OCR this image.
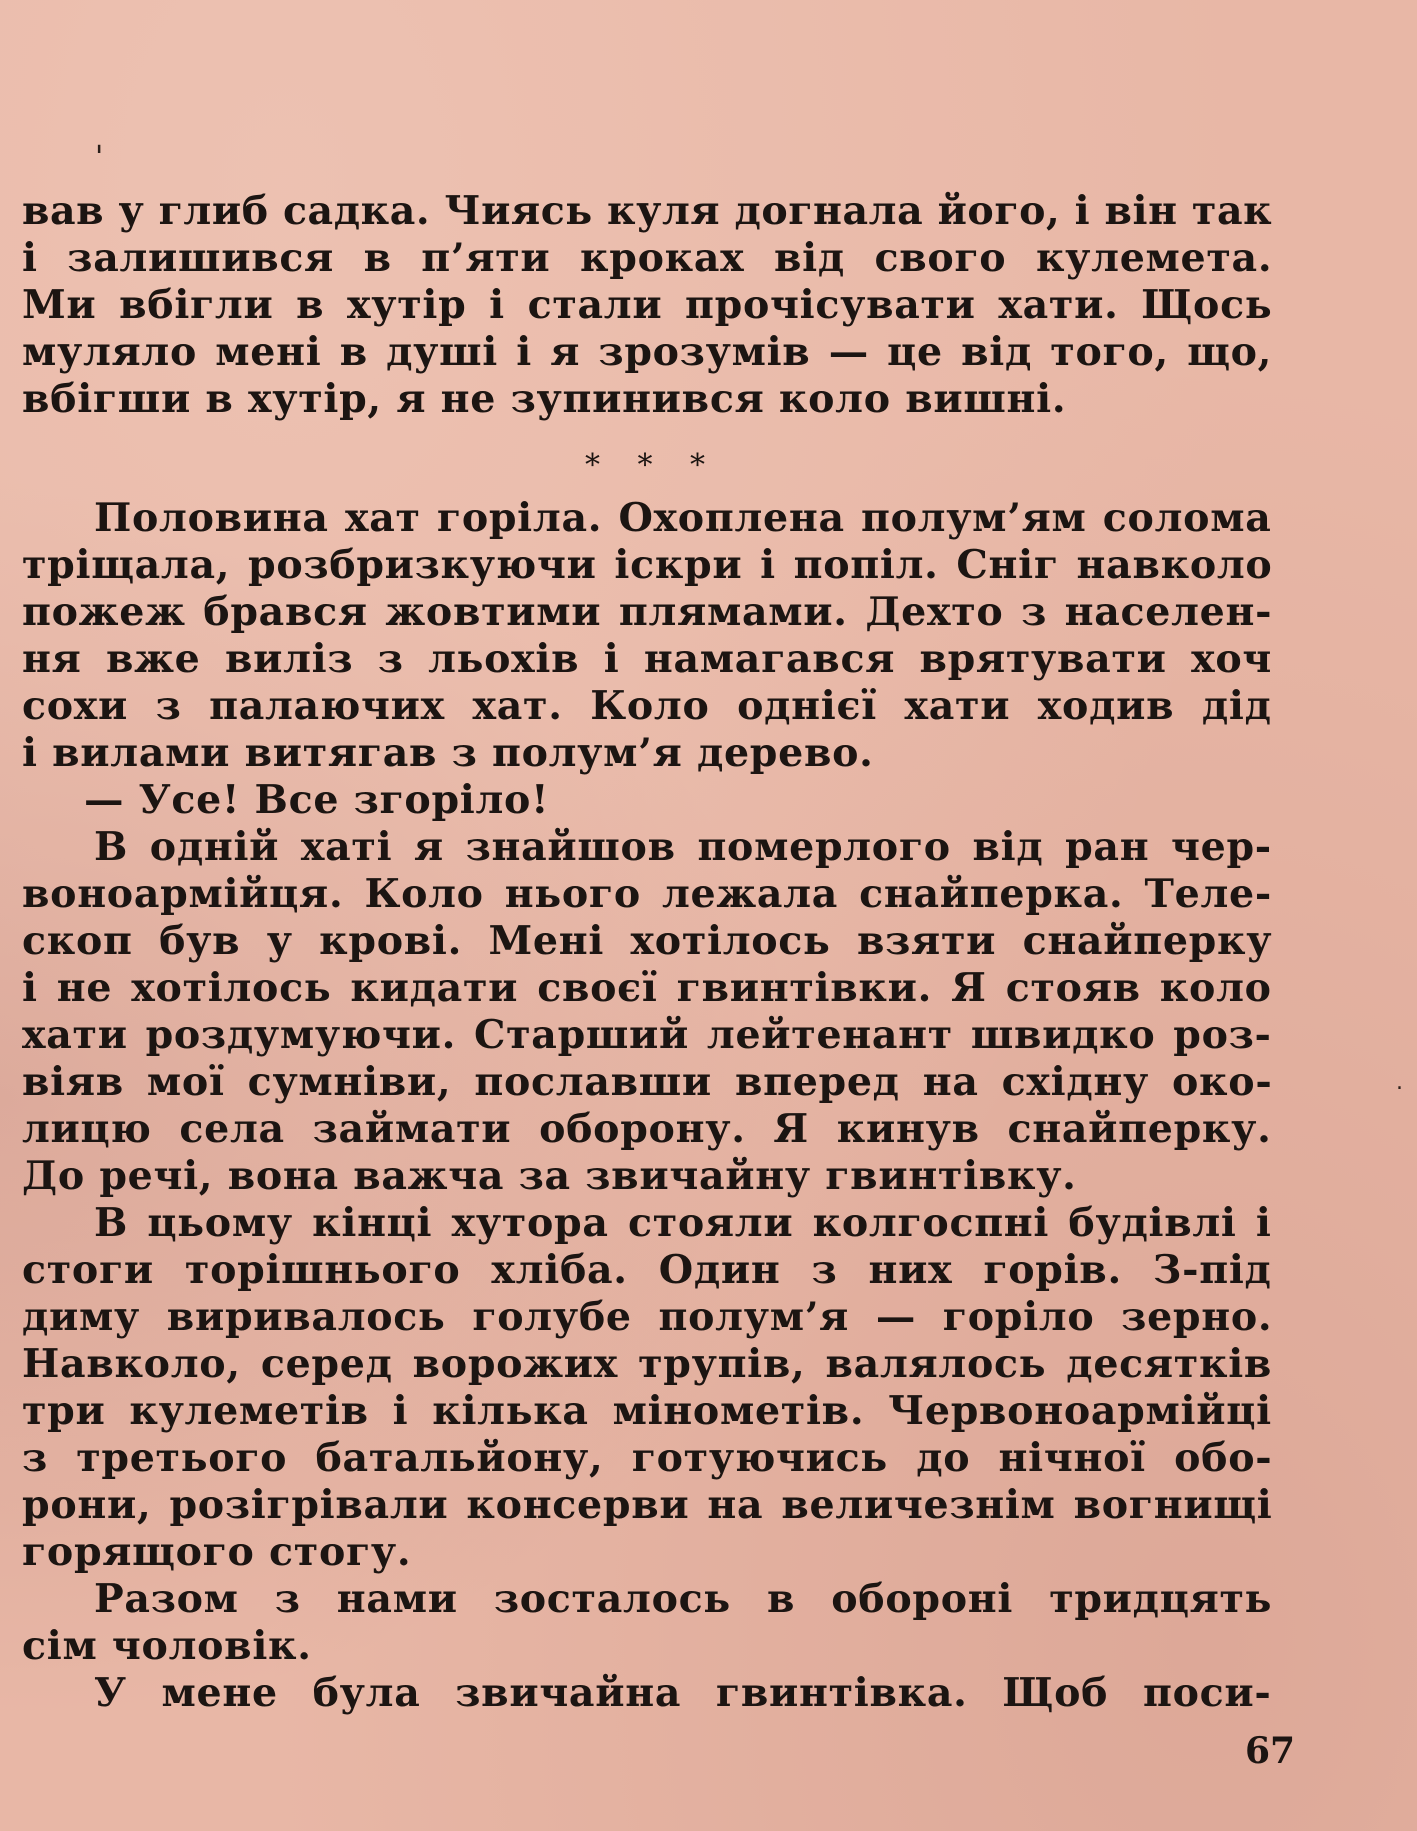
'
.
вав у глиб садка. Чиясь куля догнала його, і він так
і залишився в п’яти кроках від свого кулемета.
Ми вбігли в хутір і стали прочісувати хати. Щось
муляло мені в душі і я зрозумів — це від того, що,
вбігши в хутір, я не зупинився коло вишні.
* * *
Половина хат горіла. Охоплена полум’ям солома
тріщала, розбризкуючи іскри і попіл. Сніг навколо
пожеж брався жовтими плямами. Дехто з населен-
ня вже виліз з льохів і намагався врятувати хоч
сохи з палаючих хат. Коло однієї хати ходив дід
і вилами витягав з полум’я дерево.
— Усе! Все згоріло!
В одній хаті я знайшов померлого від ран чер-
воноармійця. Коло нього лежала снайперка. Теле-
скоп був у крові. Мені хотілось взяти снайперку
і не хотілось кидати своєї гвинтівки. Я стояв коло
хати роздумуючи. Старший лейтенант швидко роз-
віяв мої сумніви, пославши вперед на східну око-
лицю села займати оборону. Я кинув снайперку.
До речі, вона важча за звичайну гвинтівку.
В цьому кінці хутора стояли колгоспні будівлі і
стоги торішнього хліба. Один з них горів. З-під
диму виривалось голубе полум’я — горіло зерно.
Навколо, серед ворожих трупів, валялось десятків
три кулеметів і кілька мінометів. Червоноармійці
з третього батальйону, готуючись до нічної обо-
рони, розігрівали консерви на величезнім вогнищі
горящого стогу.
Разом з нами зосталось в обороні тридцять
сім чоловік.
У мене була звичайна гвинтівка. Щоб поси-
67
